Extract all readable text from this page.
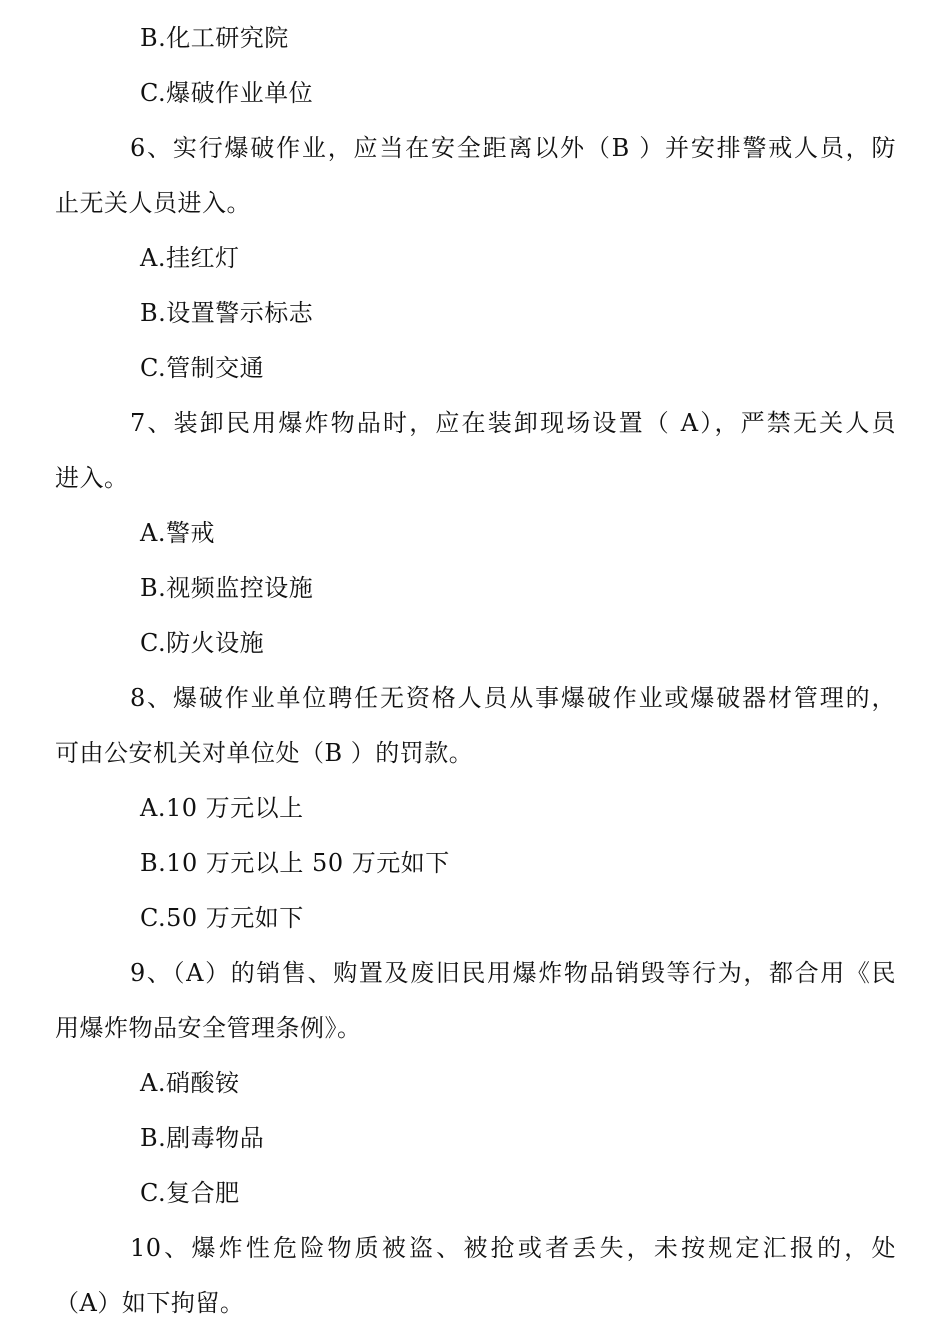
B.化工研究院
C.爆破作业单位
6、实行爆破作业，应当在安全距离以外（B ）并安排警戒人员，防
止无关人员进入。
A.挂红灯
B.设置警示标志
C.管制交通
7、装卸民用爆炸物品时，应在装卸现场设置（ A），严禁无关人员
进入。
A.警戒
B.视频监控设施
C.防火设施
8、爆破作业单位聘任无资格人员从事爆破作业或爆破器材管理的，
可由公安机关对单位处（B ）的罚款。
A.10 万元以上
B.10 万元以上 50 万元如下
C.50 万元如下
9、（A）的销售、购置及废旧民用爆炸物品销毁等行为，都合用《民
用爆炸物品安全管理条例》。
A.硝酸铵
B.剧毒物品
C.复合肥
10、爆炸性危险物质被盗、被抢或者丢失，未按规定汇报的，处
（A）如下拘留。
